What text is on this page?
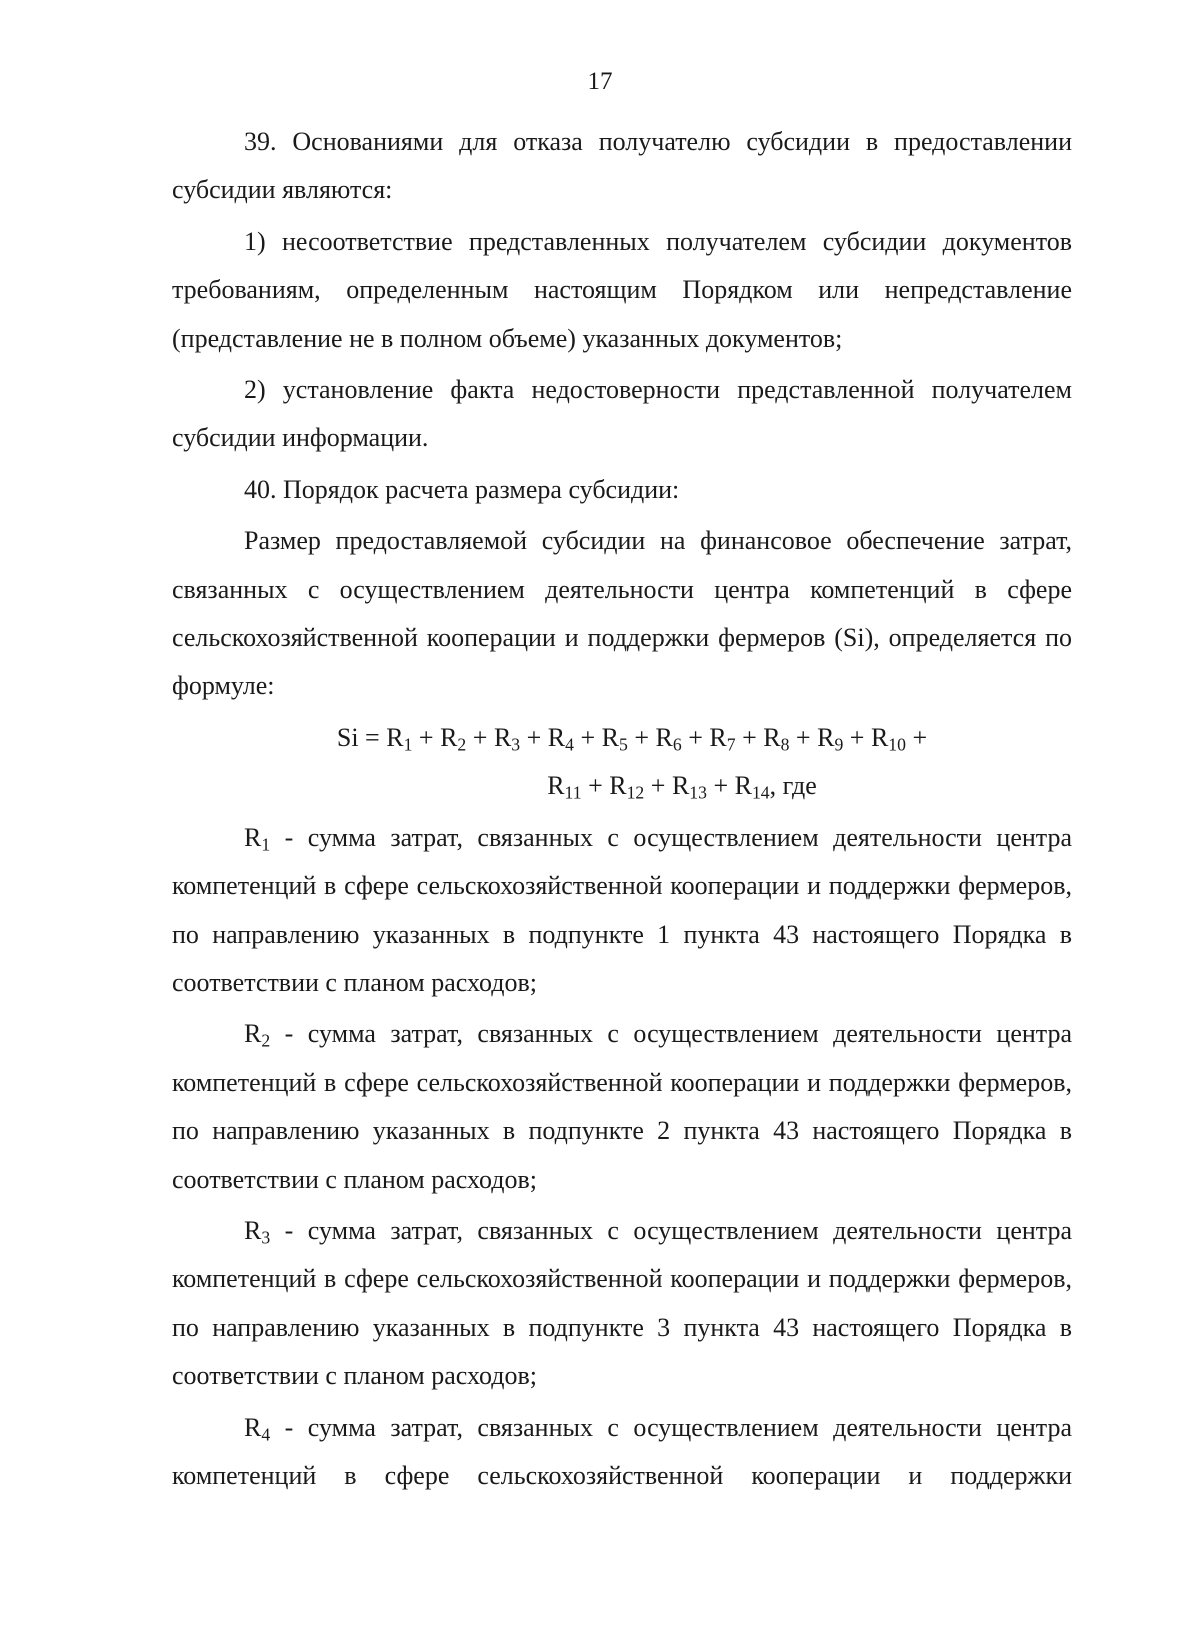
17

39. Основаниями для отказа получателю субсидии в предоставлении субсидии являются:

1) несоответствие представленных получателем субсидии документов требованиям, определенным настоящим Порядком или непредставление (представление не в полном объеме) указанных документов;

2) установление факта недостоверности представленной получателем субсидии информации.

40. Порядок расчета размера субсидии:

Размер предоставляемой субсидии на финансовое обеспечение затрат, связанных с осуществлением деятельности центра компетенций в сфере сельскохозяйственной кооперации и поддержки фермеров (Si), определяется по формуле:

$Si = R_1 + R_2 + R_3 + R_4 + R_5 + R_6 + R_7 + R_8 + R_9 + R_{10}$ +

$R_{11} + R_{12} + R_{13} + R_{14}$, где

$R_1$ - сумма затрат, связанных с осуществлением деятельности центра компетенций в сфере сельскохозяйственной кооперации и поддержки фермеров, по направлению указанных в подпункте 1 пункта 43 настоящего Порядка в соответствии с планом расходов;

$R_2$ - сумма затрат, связанных с осуществлением деятельности центра компетенций в сфере сельскохозяйственной кооперации и поддержки фермеров, по направлению указанных в подпункте 2 пункта 43 настоящего Порядка в соответствии с планом расходов;

$R_3$ - сумма затрат, связанных с осуществлением деятельности центра компетенций в сфере сельскохозяйственной кооперации и поддержки фермеров, по направлению указанных в подпункте 3 пункта 43 настоящего Порядка в соответствии с планом расходов;

$R_4$ - сумма затрат, связанных с осуществлением деятельности центра компетенций в сфере сельскохозяйственной кооперации и поддержки
